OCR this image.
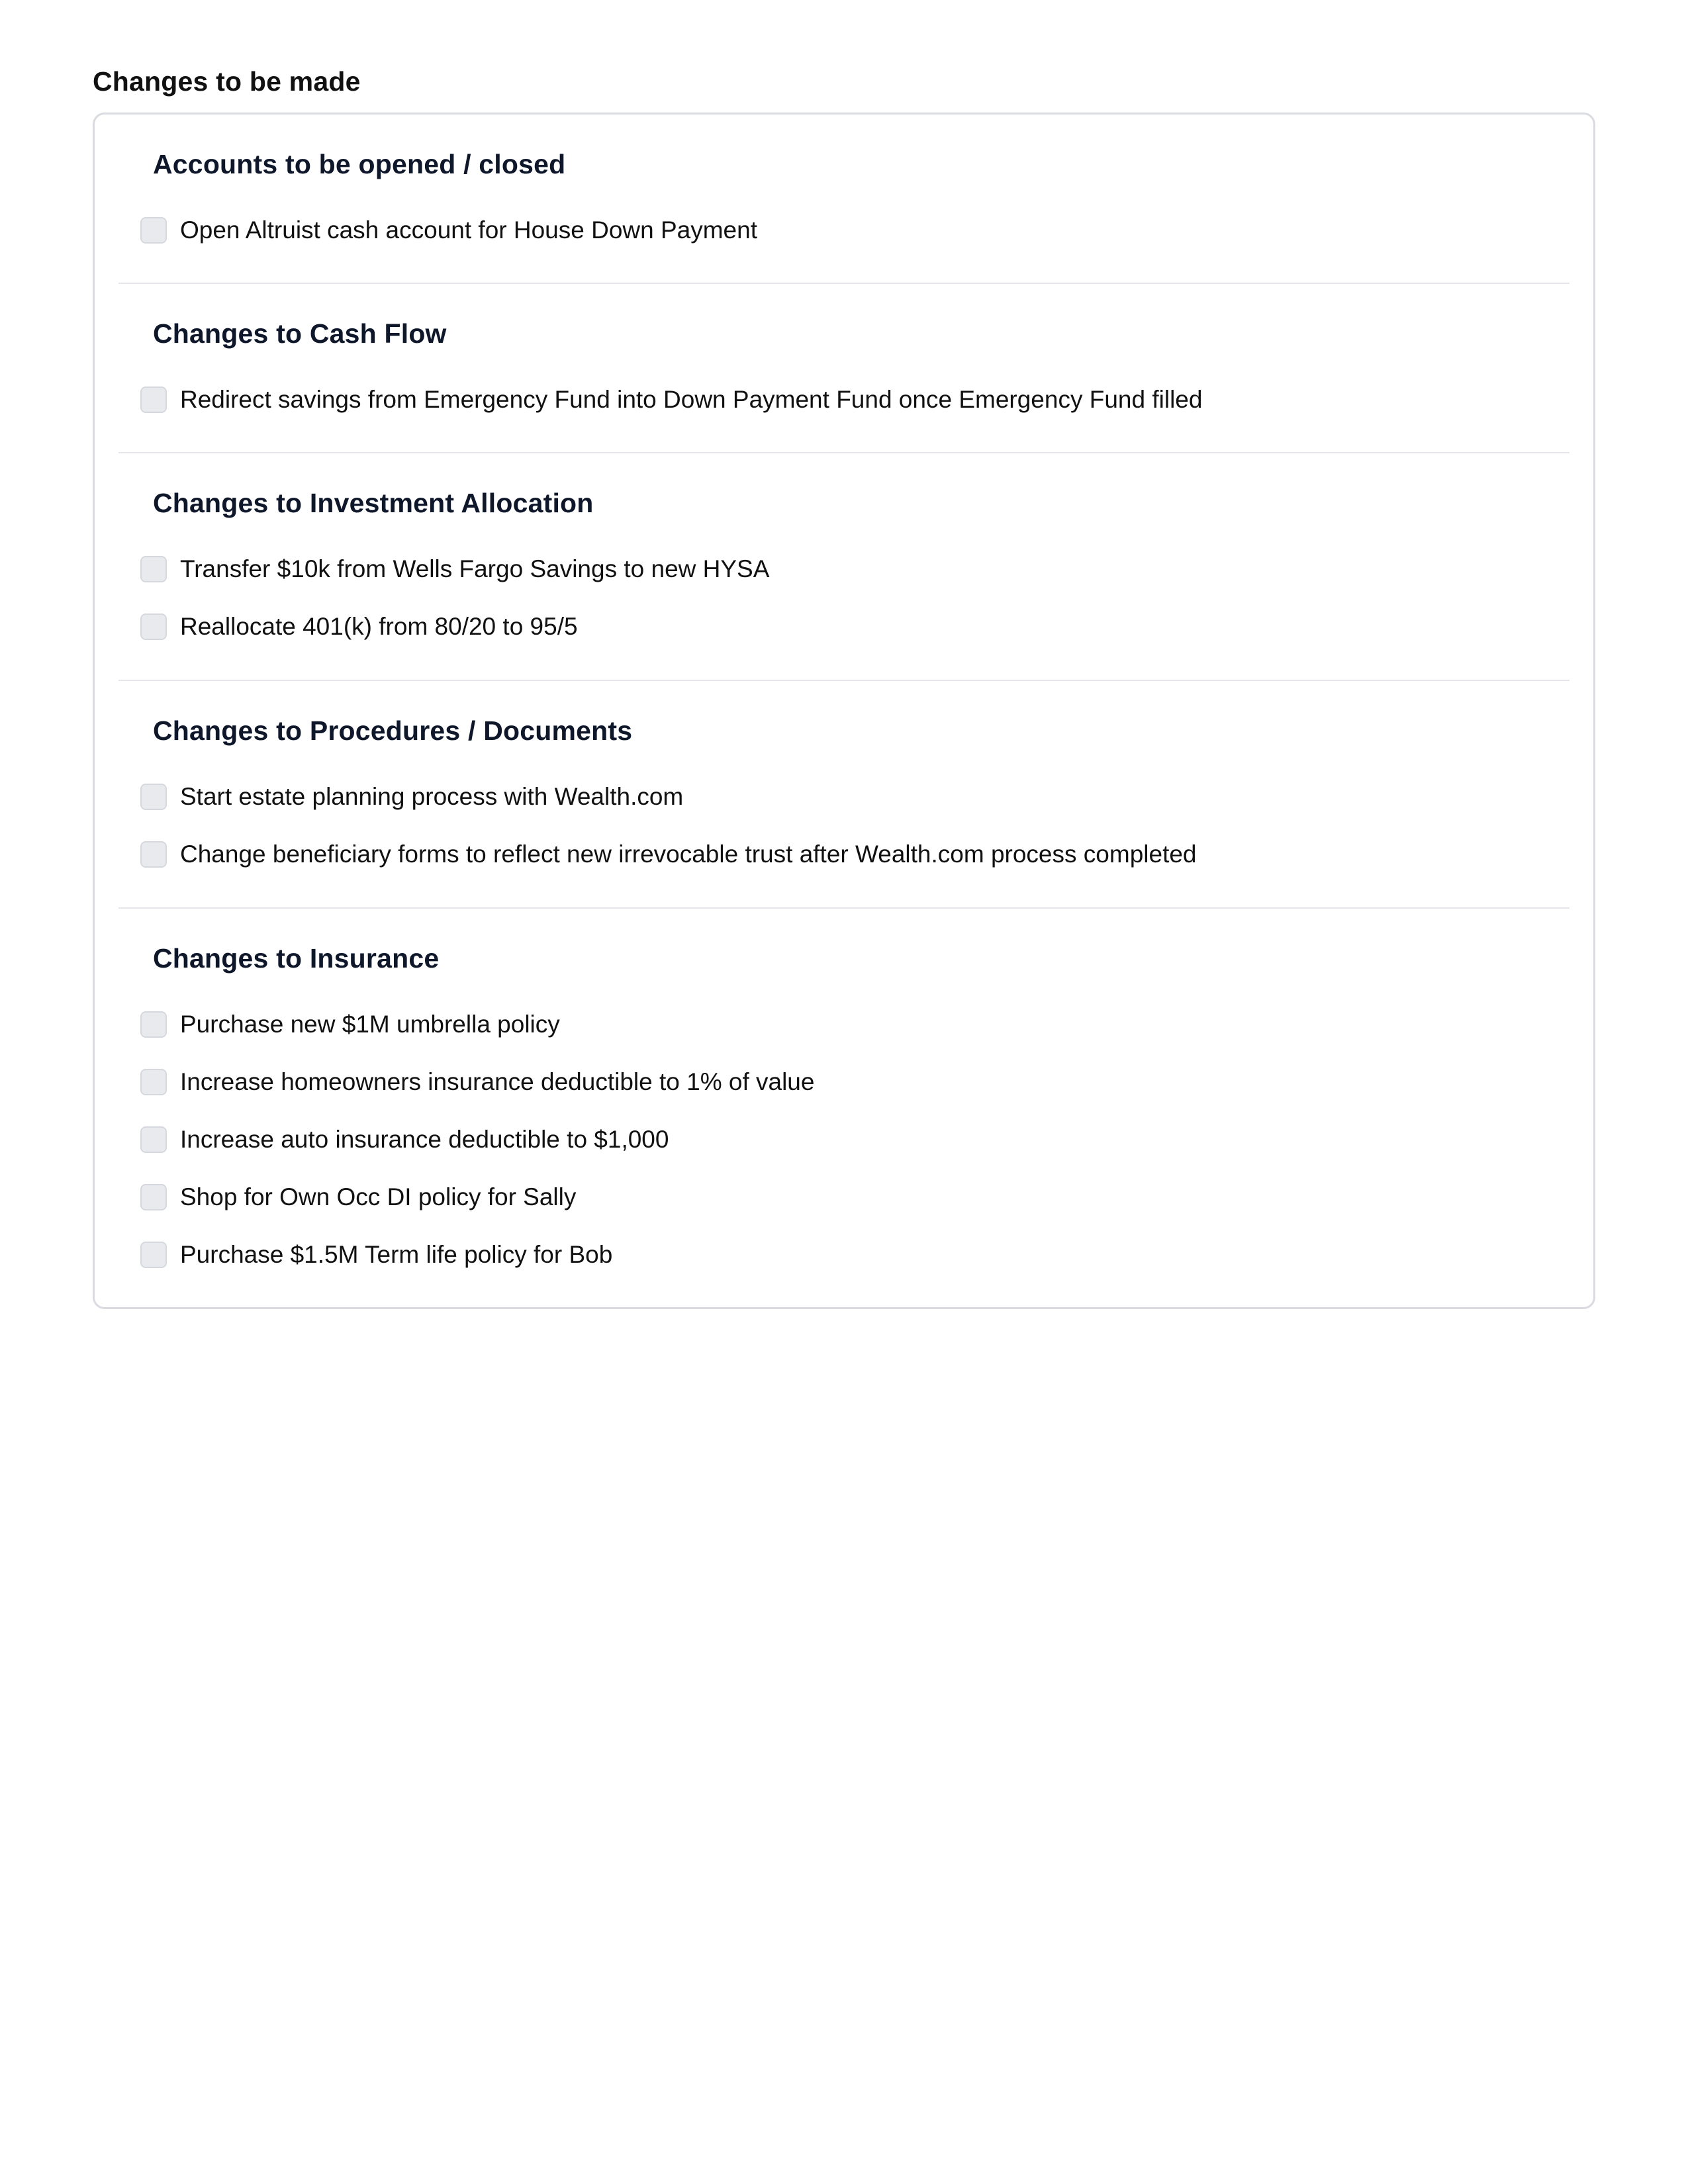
Changes to be made
Accounts to be opened / closed
Open Altruist cash account for House Down Payment
Changes to Cash Flow
Redirect savings from Emergency Fund into Down Payment Fund once Emergency Fund filled
Changes to Investment Allocation
Transfer $10k from Wells Fargo Savings to new HYSA
Reallocate 401(k) from 80/20 to 95/5
Changes to Procedures / Documents
Start estate planning process with Wealth.com
Change beneficiary forms to reflect new irrevocable trust after Wealth.com process completed
Changes to Insurance
Purchase new $1M umbrella policy
Increase homeowners insurance deductible to 1% of value
Increase auto insurance deductible to $1,000
Shop for Own Occ DI policy for Sally
Purchase $1.5M Term life policy for Bob
